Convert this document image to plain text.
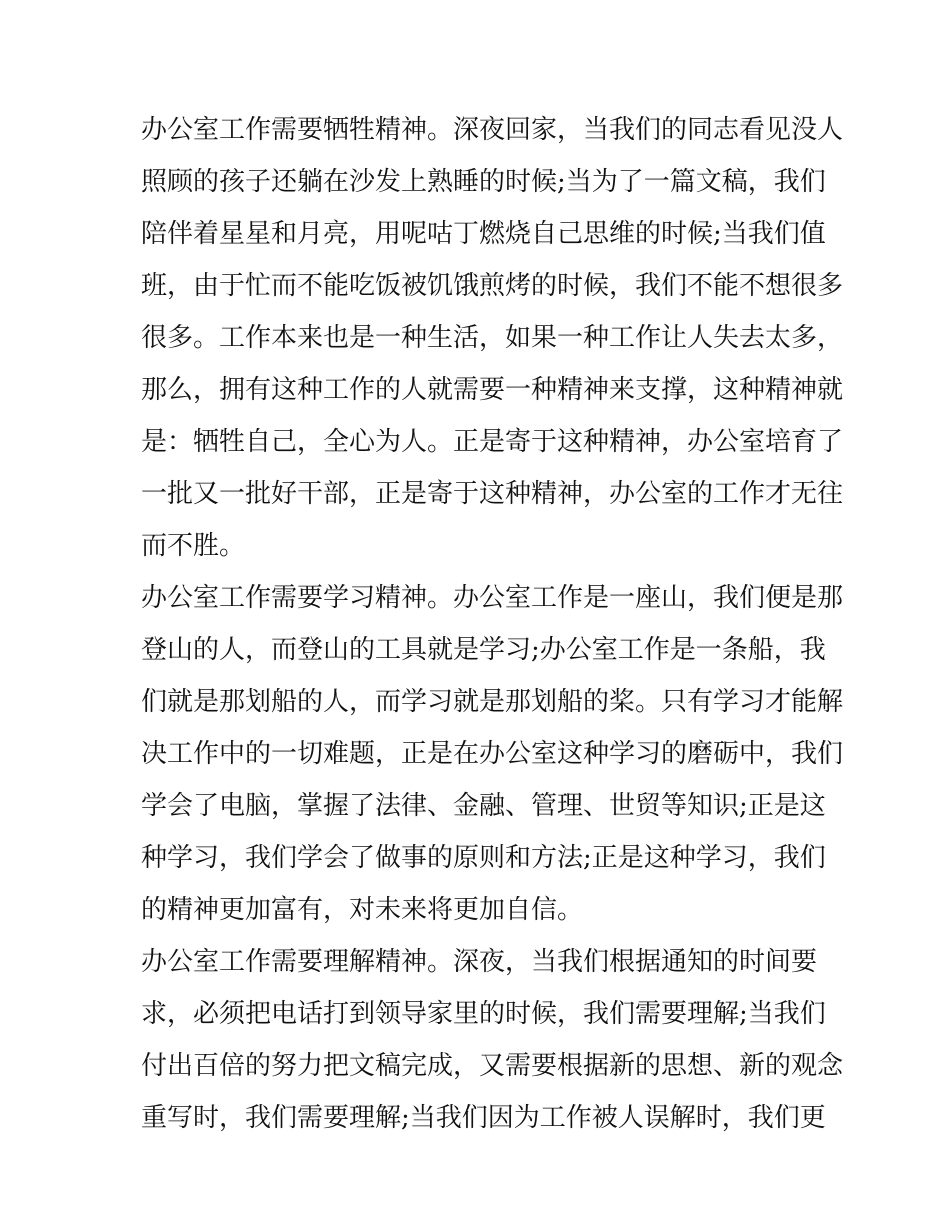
办公室工作需要牺牲精神。深夜回家，当我们的同志看见没人
照顾的孩子还躺在沙发上熟睡的时候;当为了一篇文稿，我们
陪伴着星星和月亮，用呢咕丁燃烧自己思维的时候;当我们值
班，由于忙而不能吃饭被饥饿煎烤的时候，我们不能不想很多
很多。工作本来也是一种生活，如果一种工作让人失去太多，
那么，拥有这种工作的人就需要一种精神来支撑，这种精神就
是：牺牲自己，全心为人。正是寄于这种精神，办公室培育了
一批又一批好干部，正是寄于这种精神，办公室的工作才无往
而不胜。
办公室工作需要学习精神。办公室工作是一座山，我们便是那
登山的人，而登山的工具就是学习;办公室工作是一条船，我
们就是那划船的人，而学习就是那划船的桨。只有学习才能解
决工作中的一切难题，正是在办公室这种学习的磨砺中，我们
学会了电脑，掌握了法律、金融、管理、世贸等知识;正是这
种学习，我们学会了做事的原则和方法;正是这种学习，我们
的精神更加富有，对未来将更加自信。
办公室工作需要理解精神。深夜，当我们根据通知的时间要
求，必须把电话打到领导家里的时候，我们需要理解;当我们
付出百倍的努力把文稿完成，又需要根据新的思想、新的观念
重写时，我们需要理解;当我们因为工作被人误解时，我们更
